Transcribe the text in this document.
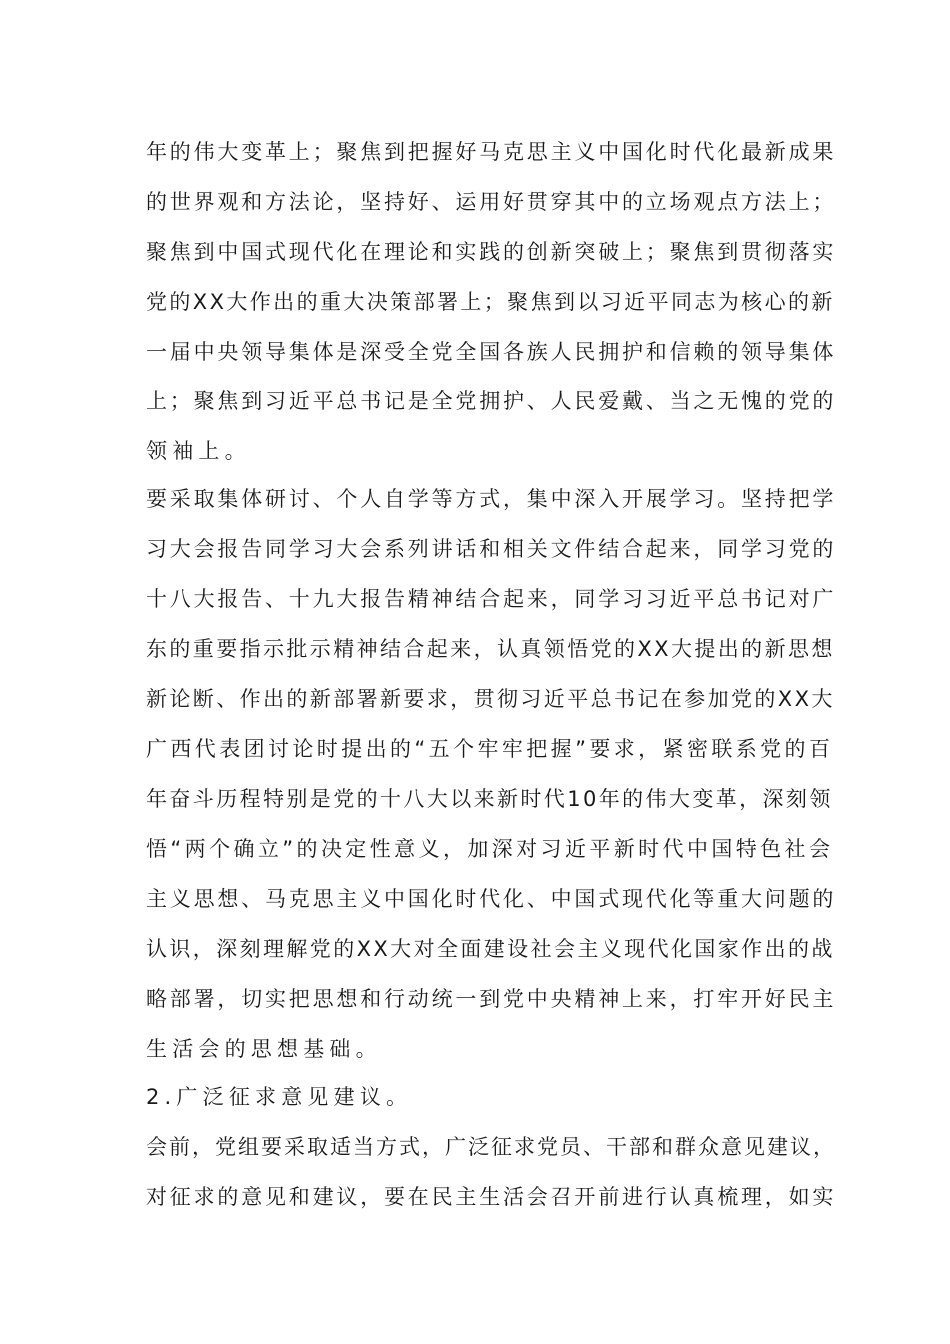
年的伟大变革上；聚焦到把握好马克思主义中国化时代化最新成果
的世界观和方法论，坚持好、运用好贯穿其中的立场观点方法上；
聚焦到中国式现代化在理论和实践的创新突破上；聚焦到贯彻落实
党的XX大作出的重大决策部署上；聚焦到以习近平同志为核心的新
一届中央领导集体是深受全党全国各族人民拥护和信赖的领导集体
上；聚焦到习近平总书记是全党拥护、人民爱戴、当之无愧的党的
领袖上。
要采取集体研讨、个人自学等方式，集中深入开展学习。坚持把学
习大会报告同学习大会系列讲话和相关文件结合起来，同学习党的
十八大报告、十九大报告精神结合起来，同学习习近平总书记对广
东的重要指示批示精神结合起来，认真领悟党的XX大提出的新思想
新论断、作出的新部署新要求，贯彻习近平总书记在参加党的XX大
广西代表团讨论时提出的“五个牢牢把握”要求，紧密联系党的百
年奋斗历程特别是党的十八大以来新时代10年的伟大变革，深刻领
悟“两个确立”的决定性意义，加深对习近平新时代中国特色社会
主义思想、马克思主义中国化时代化、中国式现代化等重大问题的
认识，深刻理解党的XX大对全面建设社会主义现代化国家作出的战
略部署，切实把思想和行动统一到党中央精神上来，打牢开好民主
生活会的思想基础。
2.广泛征求意见建议。
会前，党组要采取适当方式，广泛征求党员、干部和群众意见建议，
对征求的意见和建议，要在民主生活会召开前进行认真梳理，如实
